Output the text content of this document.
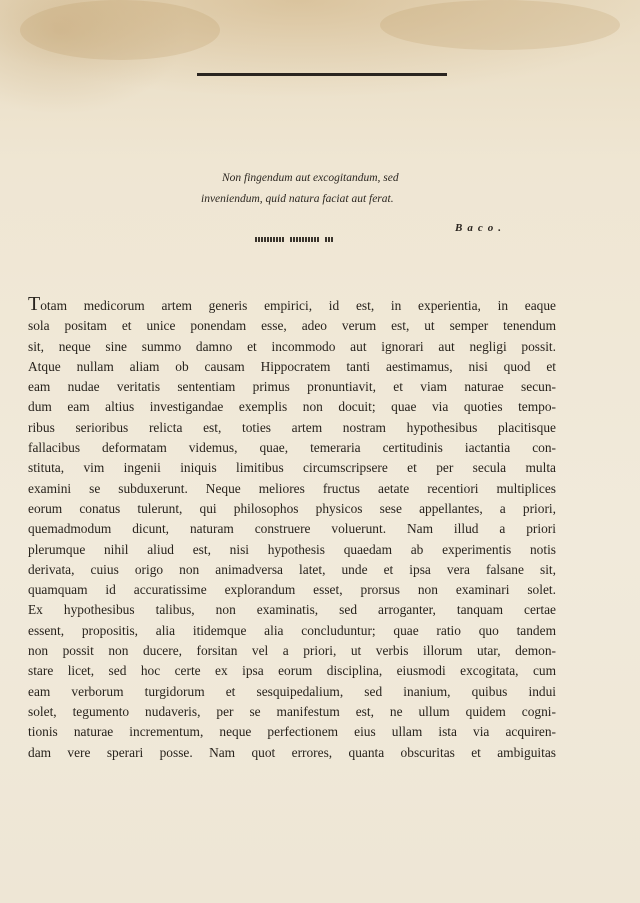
Non fingendum aut excogitandum, sed
inveniendum, quid natura faciat aut ferat.
Baco.

Totam medicorum artem generis empirici, id est, in experientia, in eaque
sola positam et unice ponendam esse, adeo verum est, ut semper tenendum
sit, neque sine summo damno et incommodo aut ignorari aut negligi possit.
Atque nullam aliam ob causam Hippocratem tanti aestimamus, nisi quod et
eam nudae veritatis sententiam primus pronuntiavit, et viam naturae secun-
dum eam altius investigandae exemplis non docuit; quae via quoties tempo-
ribus serioribus relicta est, toties artem nostram hypothesibus placitisque
fallacibus deformatam videmus, quae, temeraria certitudinis iactantia con-
stituta, vim ingenii iniquis limitibus circumscripsere et per secula multa
examini se subduxerunt. Neque meliores fructus aetate recentiori multiplices
eorum conatus tulerunt, qui philosophos physicos sese appellantes, a priori,
quemadmodum dicunt, naturam construere voluerunt. Nam illud a priori
plerumque nihil aliud est, nisi hypothesis quaedam ab experimentis notis
derivata, cuius origo non animadversa latet, unde et ipsa vera falsane sit,
quamquam id accuratissime explorandum esset, prorsus non examinari solet.
Ex hypothesibus talibus, non examinatis, sed arroganter, tanquam certae
essent, propositis, alia itidemque alia concluduntur; quae ratio quo tandem
non possit non ducere, forsitan vel a priori, ut verbis illorum utar, demon-
stare licet, sed hoc certe ex ipsa eorum disciplina, eiusmodi excogitata, cum
eam verborum turgidorum et sesquipedalium, sed inanium, quibus indui
solet, tegumento nudaveris, per se manifestum est, ne ullum quidem cogni-
tionis naturae incrementum, neque perfectionem eius ullam ista via acquiren-
dam vere sperari posse. Nam quot errores, quanta obscuritas et ambiguitas
